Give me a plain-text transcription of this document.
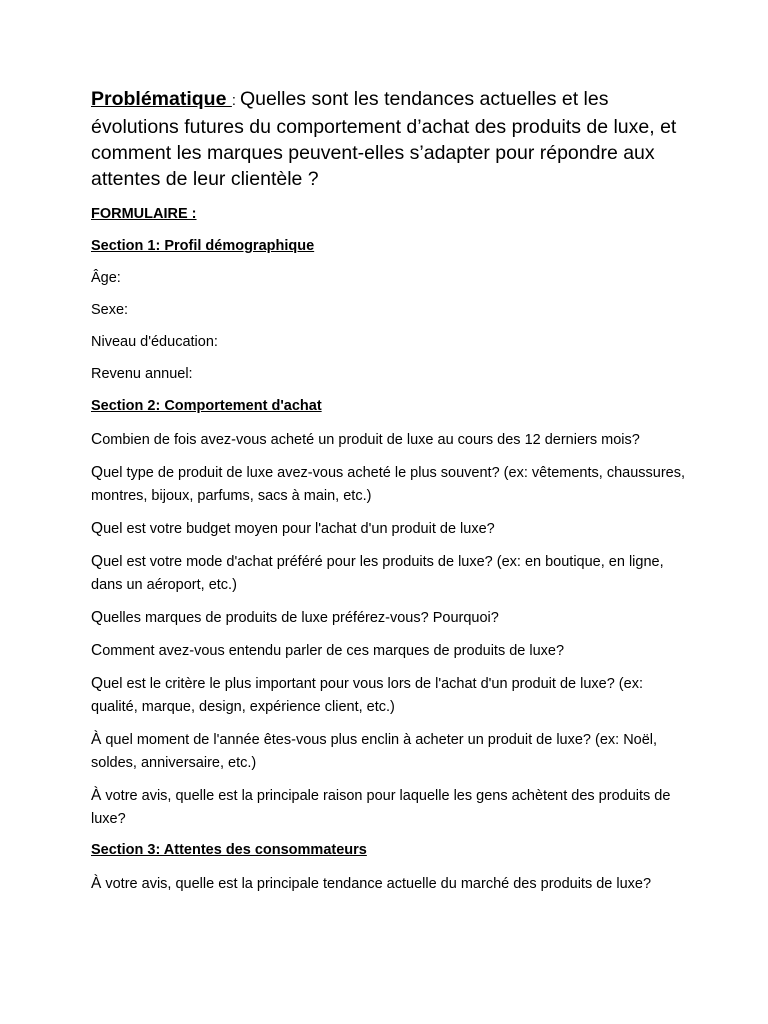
Problématique : Quelles sont les tendances actuelles et les évolutions futures du comportement d’achat des produits de luxe, et comment les marques peuvent-elles s’adapter pour répondre aux attentes de leur clientèle ?

FORMULAIRE :

Section 1: Profil démographique

Âge:

Sexe:

Niveau d'éducation:

Revenu annuel:

Section 2: Comportement d'achat

Combien de fois avez-vous acheté un produit de luxe au cours des 12 derniers mois?

Quel type de produit de luxe avez-vous acheté le plus souvent? (ex: vêtements, chaussures, montres, bijoux, parfums, sacs à main, etc.)

Quel est votre budget moyen pour l'achat d'un produit de luxe?

Quel est votre mode d'achat préféré pour les produits de luxe? (ex: en boutique, en ligne, dans un aéroport, etc.)

Quelles marques de produits de luxe préférez-vous? Pourquoi?

Comment avez-vous entendu parler de ces marques de produits de luxe?

Quel est le critère le plus important pour vous lors de l'achat d'un produit de luxe? (ex: qualité, marque, design, expérience client, etc.)

À quel moment de l'année êtes-vous plus enclin à acheter un produit de luxe? (ex: Noël, soldes, anniversaire, etc.)

À votre avis, quelle est la principale raison pour laquelle les gens achètent des produits de luxe?

Section 3: Attentes des consommateurs

À votre avis, quelle est la principale tendance actuelle du marché des produits de luxe?
